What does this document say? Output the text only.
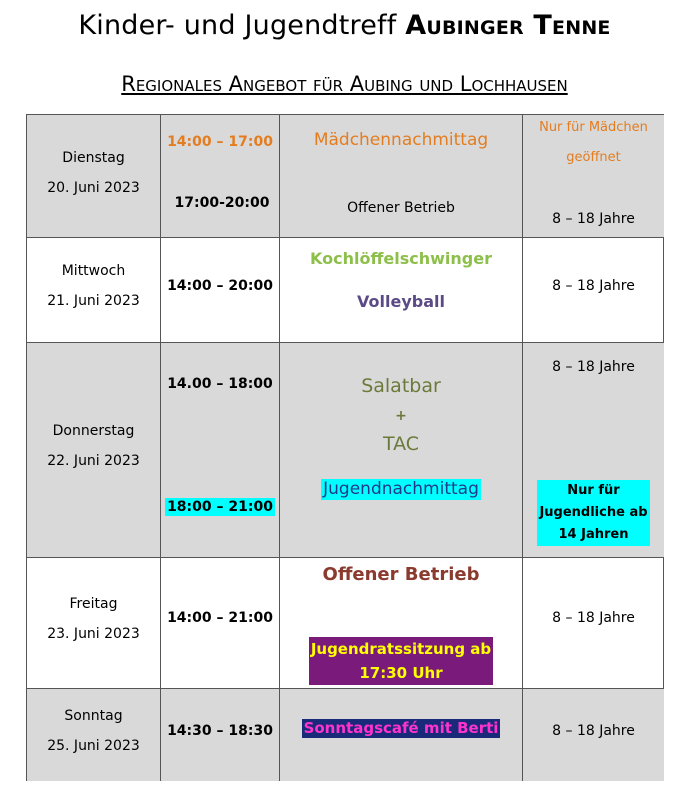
Kinder- und Jugendtreff Aubinger Tenne
Regionales Angebot für Aubing und Lochhausen
Dienstag
20. Juni 2023
14:00 – 17:00
17:00-20:00
Mädchennachmittag
Offener Betrieb
Nur für Mädchen
geöffnet
8 – 18 Jahre
Mittwoch
21. Juni 2023
14:00 – 20:00
Kochlöffelschwinger
Volleyball
8 – 18 Jahre
Donnerstag
22. Juni 2023
14.00 – 18:00
18:00 – 21:00
Salatbar
+
TAC
Jugendnachmittag
8 – 18 Jahre
Nur für
Jugendliche ab
14 Jahren
Freitag
23. Juni 2023
14:00 – 21:00
Offener Betrieb
Jugendratssitzung ab
17:30 Uhr
8 – 18 Jahre
Sonntag
25. Juni 2023
14:30 – 18:30	Sonntagscafé mit Berti	8 – 18 Jahre
